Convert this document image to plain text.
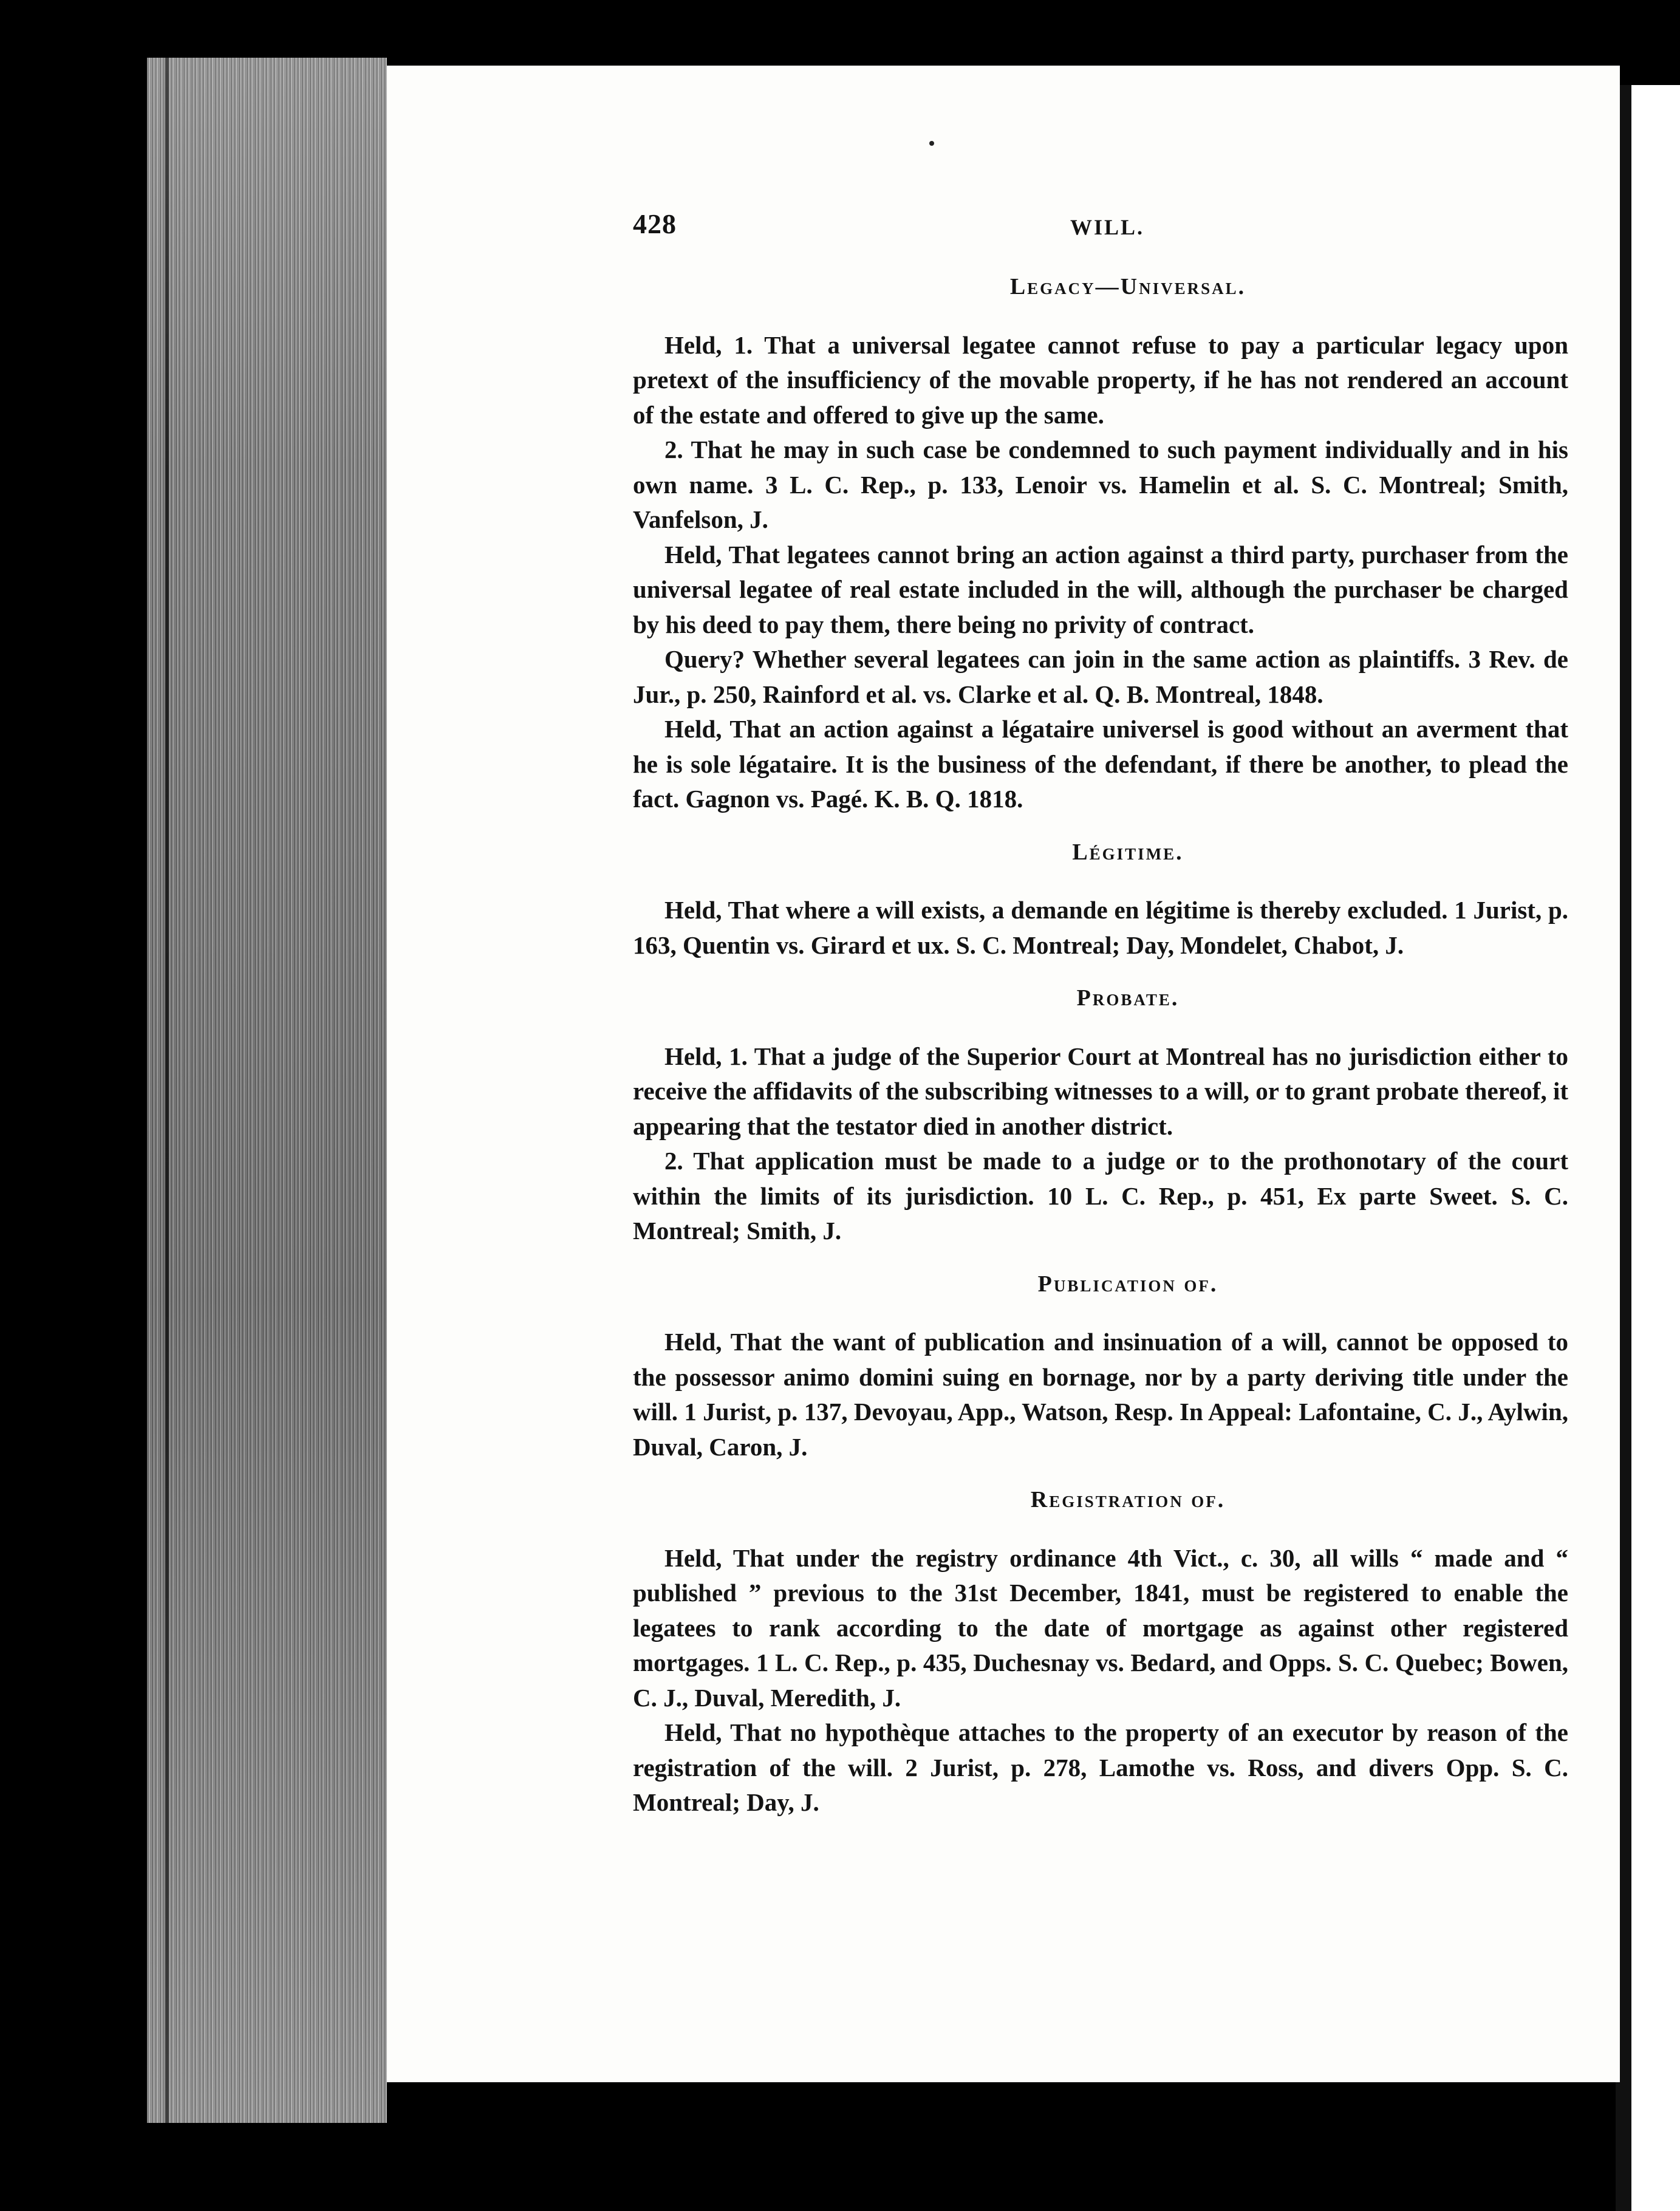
428	WILL.
Legacy—Universal.

Held, 1. That a universal legatee cannot refuse to pay a particular legacy upon pretext of the insufficiency of the movable property, if he has not rendered an account of the estate and offered to give up the same.

2. That he may in such case be condemned to such payment individually and in his own name. 3 L. C. Rep., p. 133, Lenoir vs. Hamelin et al. S. C. Montreal; Smith, Vanfelson, J.

Held, That legatees cannot bring an action against a third party, purchaser from the universal legatee of real estate included in the will, although the purchaser be charged by his deed to pay them, there being no privity of contract.

Query? Whether several legatees can join in the same action as plaintiffs. 3 Rev. de Jur., p. 250, Rainford et al. vs. Clarke et al. Q. B. Montreal, 1848.

Held, That an action against a légataire universel is good without an averment that he is sole légataire. It is the business of the defendant, if there be another, to plead the fact. Gagnon vs. Pagé. K. B. Q. 1818.

Légitime.

Held, That where a will exists, a demande en légitime is thereby excluded. 1 Jurist, p. 163, Quentin vs. Girard et ux. S. C. Montreal; Day, Mondelet, Chabot, J.

Probate.

Held, 1. That a judge of the Superior Court at Montreal has no jurisdiction either to receive the affidavits of the subscribing witnesses to a will, or to grant probate thereof, it appearing that the testator died in another district.

2. That application must be made to a judge or to the prothonotary of the court within the limits of its jurisdiction. 10 L. C. Rep., p. 451, Ex parte Sweet. S. C. Montreal; Smith, J.

Publication of.

Held, That the want of publication and insinuation of a will, cannot be opposed to the possessor animo domini suing en bornage, nor by a party deriving title under the will. 1 Jurist, p. 137, Devoyau, App., Watson, Resp. In Appeal: Lafontaine, C. J., Aylwin, Duval, Caron, J.

Registration of.

Held, That under the registry ordinance 4th Vict., c. 30, all wills “ made and “ published ” previous to the 31st December, 1841, must be registered to enable the legatees to rank according to the date of mortgage as against other registered mortgages. 1 L. C. Rep., p. 435, Duchesnay vs. Bedard, and Opps. S. C. Quebec; Bowen, C. J., Duval, Meredith, J.

Held, That no hypothèque attaches to the property of an executor by reason of the registration of the will. 2 Jurist, p. 278, Lamothe vs. Ross, and divers Opp. S. C. Montreal; Day, J.
